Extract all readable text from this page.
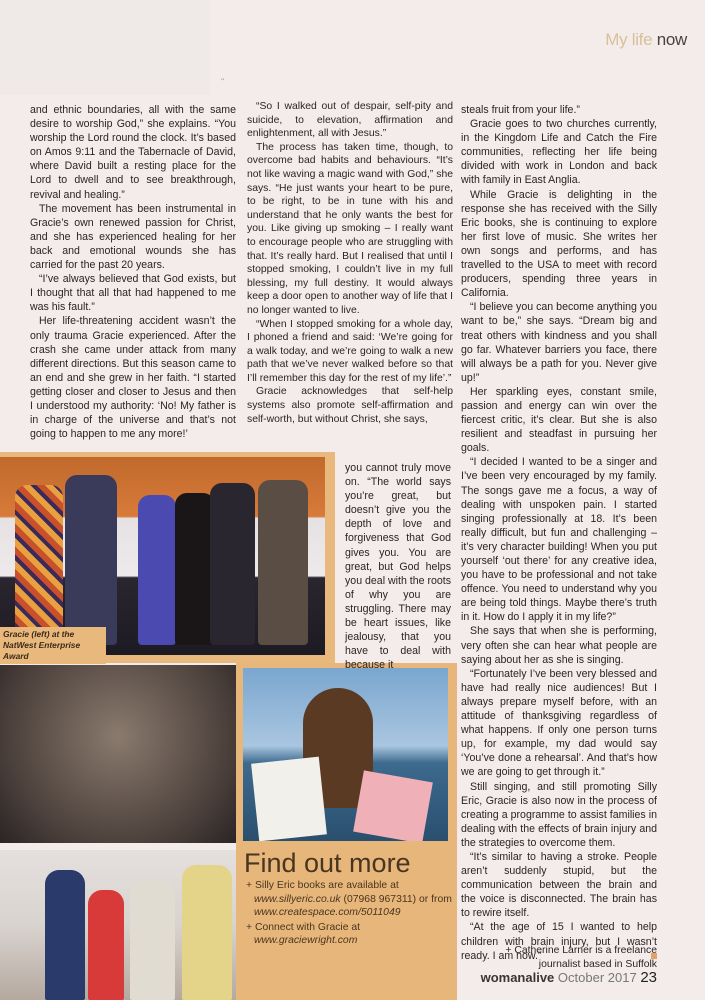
ᵔ
My life now

and ethnic boundaries, all with the same desire to worship God,” she explains. “You worship the Lord round the clock. It’s based on Amos 9:11 and the Tabernacle of David, where David built a resting place for the Lord to dwell and to see breakthrough, revival and healing.”

The movement has been instrumental in Gracie’s own renewed passion for Christ, and she has experienced healing for her back and emotional wounds she has carried for the past 20 years.

“I’ve always believed that God exists, but I thought that all that had happened to me was his fault.”

Her life-threatening accident wasn’t the only trauma Gracie experienced. After the crash she came under attack from many different directions. But this season came to an end and she grew in her faith. “I started getting closer and closer to Jesus and then I understood my authority: ‘No! My father is in charge of the universe and that’s not going to happen to me any more!’

“So I walked out of despair, self-pity and suicide, to elevation, affirmation and enlightenment, all with Jesus.”

The process has taken time, though, to overcome bad habits and behaviours. “It’s not like waving a magic wand with God,” she says. “He just wants your heart to be pure, to be right, to be in tune with his and understand that he only wants the best for you. Like giving up smoking – I really want to encourage people who are struggling with that. It’s really hard. But I realised that until I stopped smoking, I couldn’t live in my full blessing, my full destiny. It would always keep a door open to another way of life that I no longer wanted to live.

“When I stopped smoking for a whole day, I phoned a friend and said: ‘We’re going for a walk today, and we’re going to walk a new path that we’ve never walked before so that I’ll remember this day for the rest of my life’.”

Gracie acknowledges that self-help systems also promote self-affirmation and self-worth, but without Christ, she says,

Gracie (left) at the NatWest Enterprise Award

you cannot truly move on. “The world says you’re great, but doesn’t give you the depth of love and forgiveness that God gives you. You are great, but God helps you deal with the roots of why you are struggling. There may be heart issues, like jealousy, that you have to deal with because it

Find out more
+ Silly Eric books are available at www.sillyeric.co.uk (07968 967311) or from www.createspace.com/5011049
+ Connect with Gracie at www.graciewright.com

steals fruit from your life.”

Gracie goes to two churches currently, in the Kingdom Life and Catch the Fire communities, reflecting her life being divided with work in London and back with family in East Anglia.

While Gracie is delighting in the response she has received with the Silly Eric books, she is continuing to explore her first love of music. She writes her own songs and performs, and has travelled to the USA to meet with record producers, spending three years in California.

“I believe you can become anything you want to be,” she says. “Dream big and treat others with kindness and you shall go far. Whatever barriers you face, there will always be a path for you. Never give up!”

Her sparkling eyes, constant smile, passion and energy can win over the fiercest critic, it’s clear. But she is also resilient and steadfast in pursuing her goals.

“I decided I wanted to be a singer and I’ve been very encouraged by my family. The songs gave me a focus, a way of dealing with unspoken pain. I started singing professionally at 18. It’s been really difficult, but fun and challenging – it’s very character building! When you put yourself ‘out there’ for any creative idea, you have to be professional and not take offence. You need to understand why you are being told things. Maybe there’s truth in it. How do I apply it in my life?”

She says that when she is performing, very often she can hear what people are saying about her as she is singing.

“Fortunately I’ve been very blessed and have had really nice audiences! But I always prepare myself before, with an attitude of thanksgiving regardless of what happens. If only one person turns up, for example, my dad would say ‘You’ve done a rehearsal’. And that’s how we are going to get through it.”

Still singing, and still promoting Silly Eric, Gracie is also now in the process of creating a programme to assist families in dealing with the effects of brain injury and the strategies to overcome them.

“It’s similar to having a stroke. People aren’t suddenly stupid, but the communication between the brain and the voice is disconnected. The brain has to rewire itself.

“At the age of 15 I wanted to help children with brain injury, but I wasn’t ready. I am now.”

+ Catherine Larner is a freelance journalist based in Suffolk
womanalive October 2017 23
